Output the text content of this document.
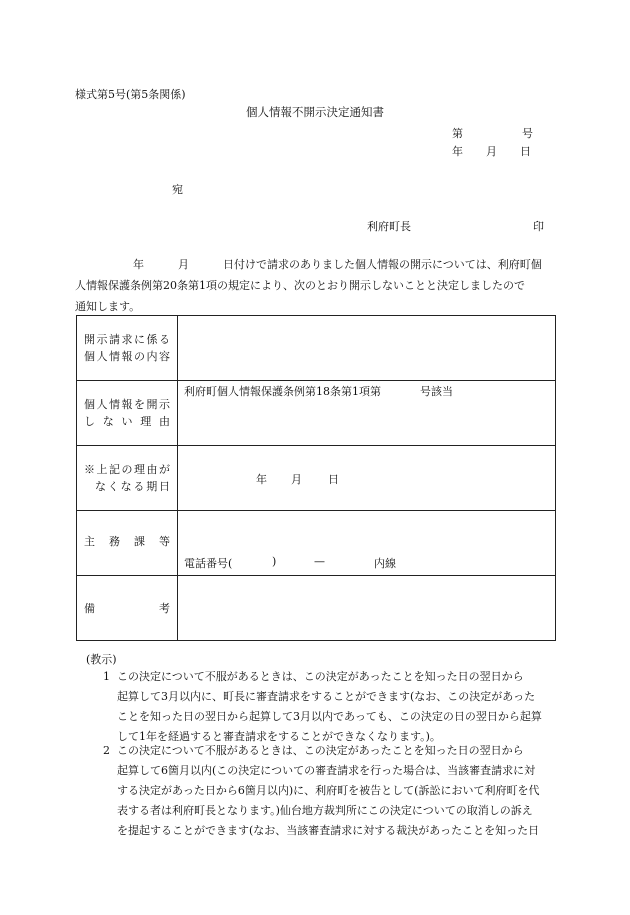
様式第5号(第5条関係)
個人情報不開示決定通知書
第	号
年 月 日
宛
利府町長	印
年	月	日付けで請求のありました個人情報の開示については、利府町個
人情報保護条例第20条第1項の規定により、次のとおり開示しないことと決定しましたので
通知します。
開示請求に係る
個人情報の内容	

個人情報を開示
しない理由	利府町個人情報保護条例第18条第1項第 号該当

※上記の理由が
なくなる期日	年 月 日

主務課等	電話番号( ) — 内線

備考	

(教示)
1 この決定について不服があるときは、この決定があったことを知った日の翌日から
起算して3月以内に、町長に審査請求をすることができます(なお、この決定があった
ことを知った日の翌日から起算して3月以内であっても、この決定の日の翌日から起算
して1年を経過すると審査請求をすることができなくなります。)。
2 この決定について不服があるときは、この決定があったことを知った日の翌日から
起算して6箇月以内(この決定についての審査請求を行った場合は、当該審査請求に対
する決定があった日から6箇月以内)に、利府町を被告として(訴訟において利府町を代
表する者は利府町長となります。)仙台地方裁判所にこの決定についての取消しの訴え
を提起することができます(なお、当該審査請求に対する裁決があったことを知った日
